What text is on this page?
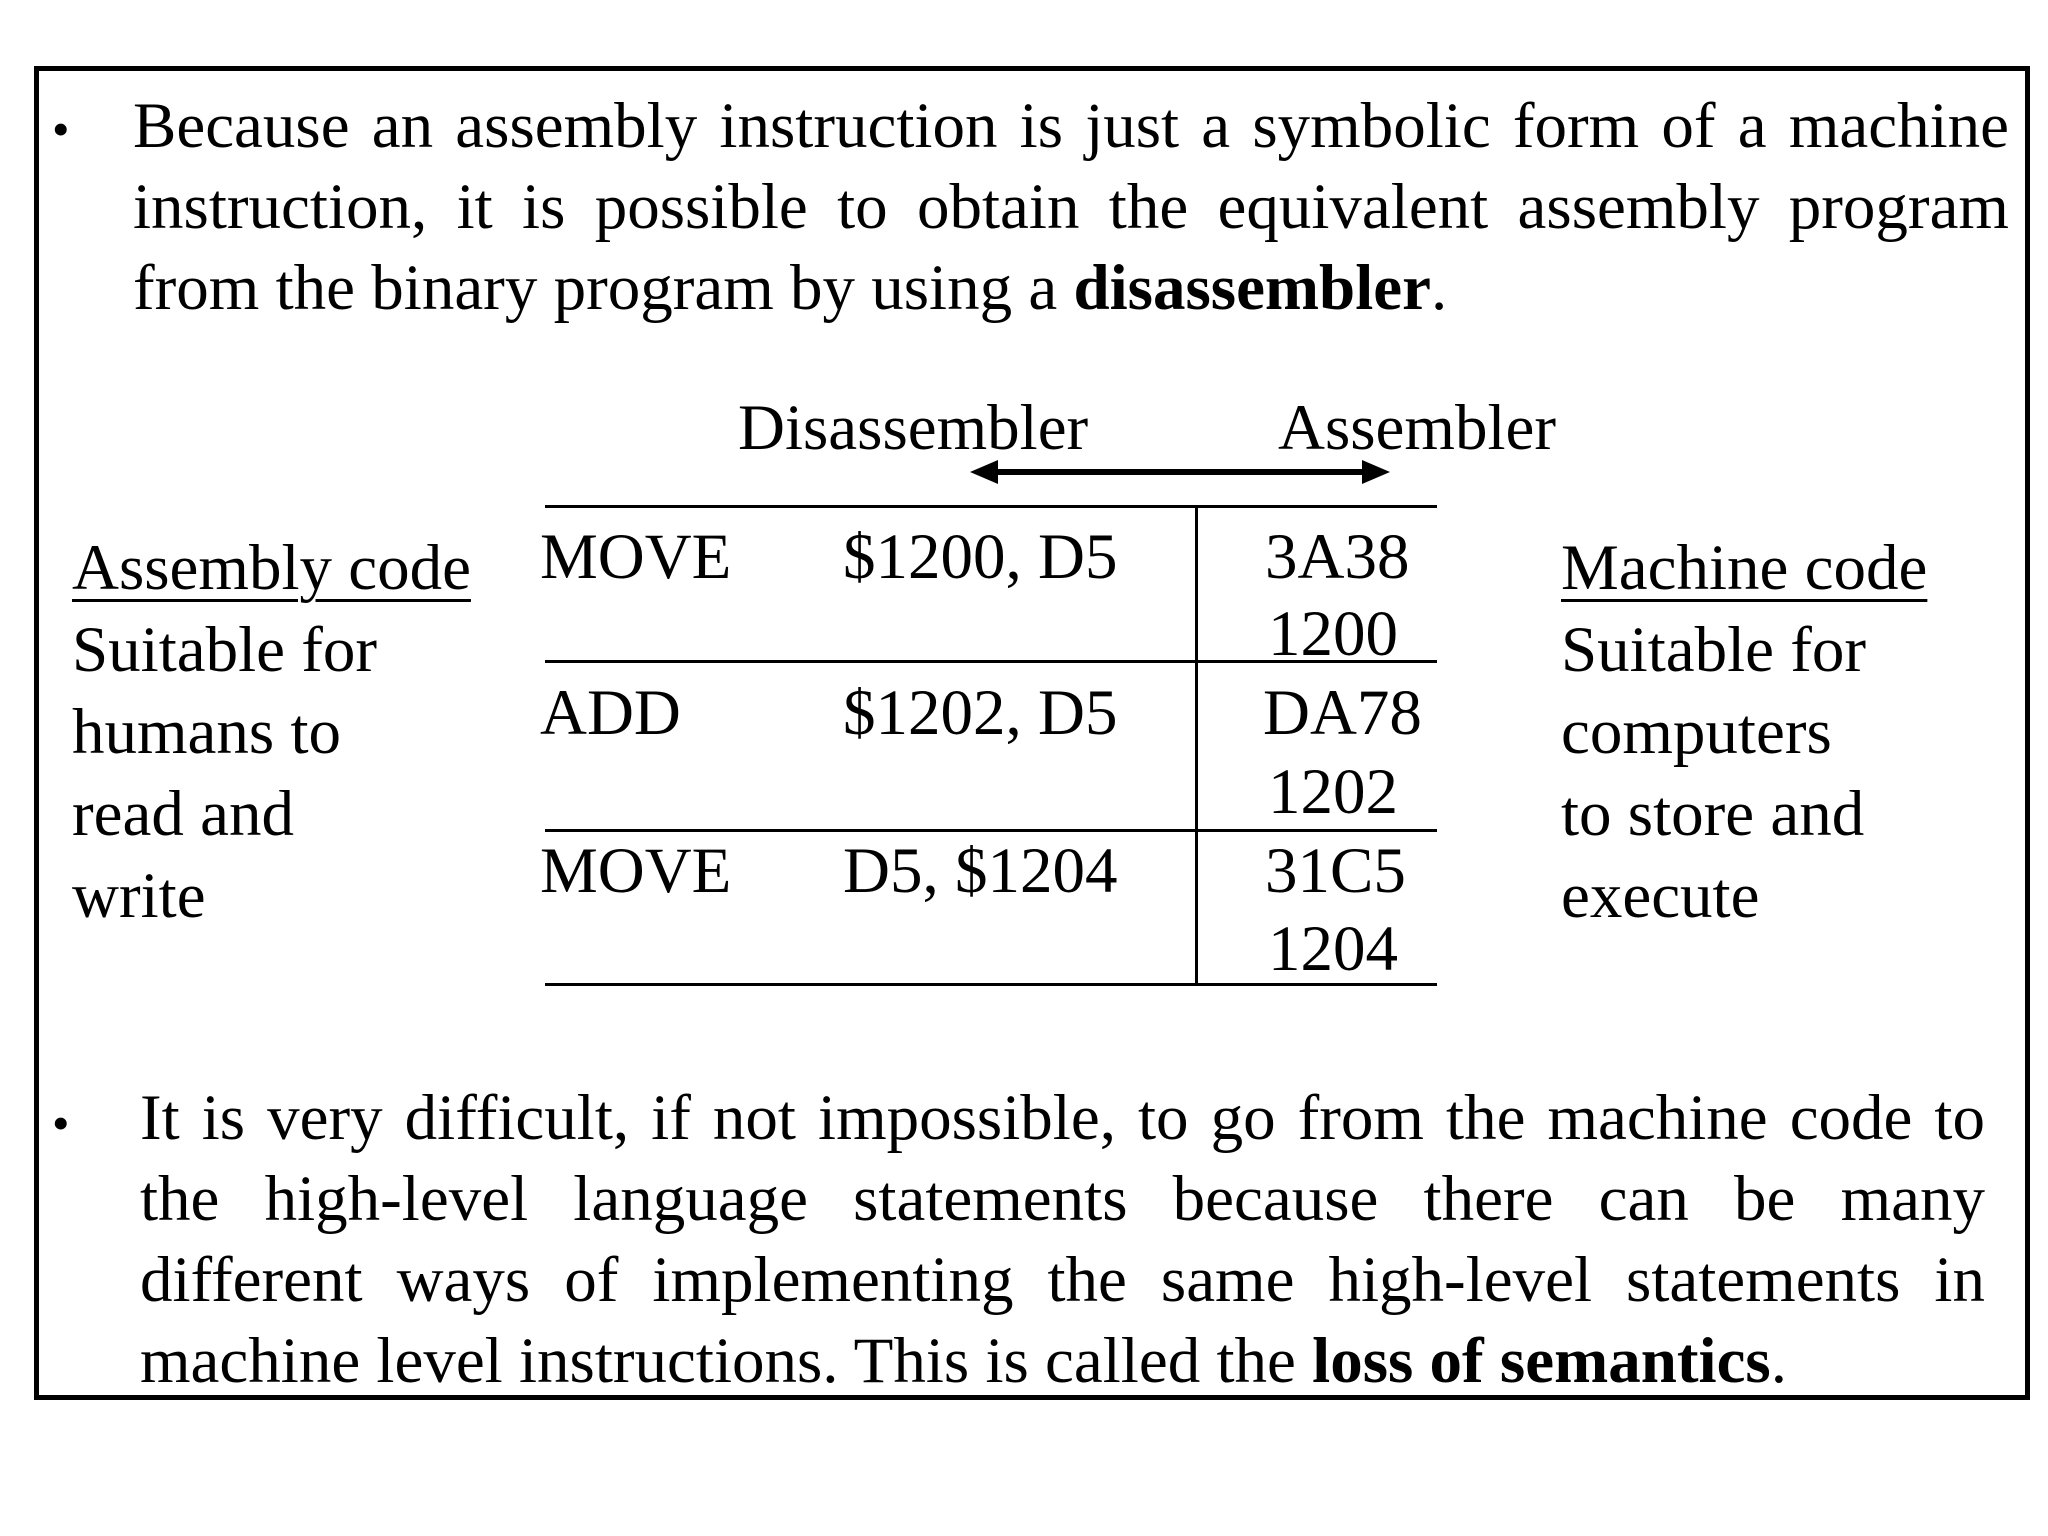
• Because an assembly instruction is just a symbolic form of a machine instruction, it is possible to obtain the equivalent assembly program from the binary program by using a disassembler.
Disassembler	Assembler
MOVE $1200, D5 3A38
1200
ADD $1202, D5 DA78
1202
MOVE D5, $1204 31C5
1204
Assembly code
Suitable for
humans to
read and
write
Machine code
Suitable for
computers
to store and
execute
• It is very difficult, if not impossible, to go from the machine code to the high-level language statements because there can be many different ways of implementing the same high-level statements in machine level instructions. This is called the loss of semantics.
